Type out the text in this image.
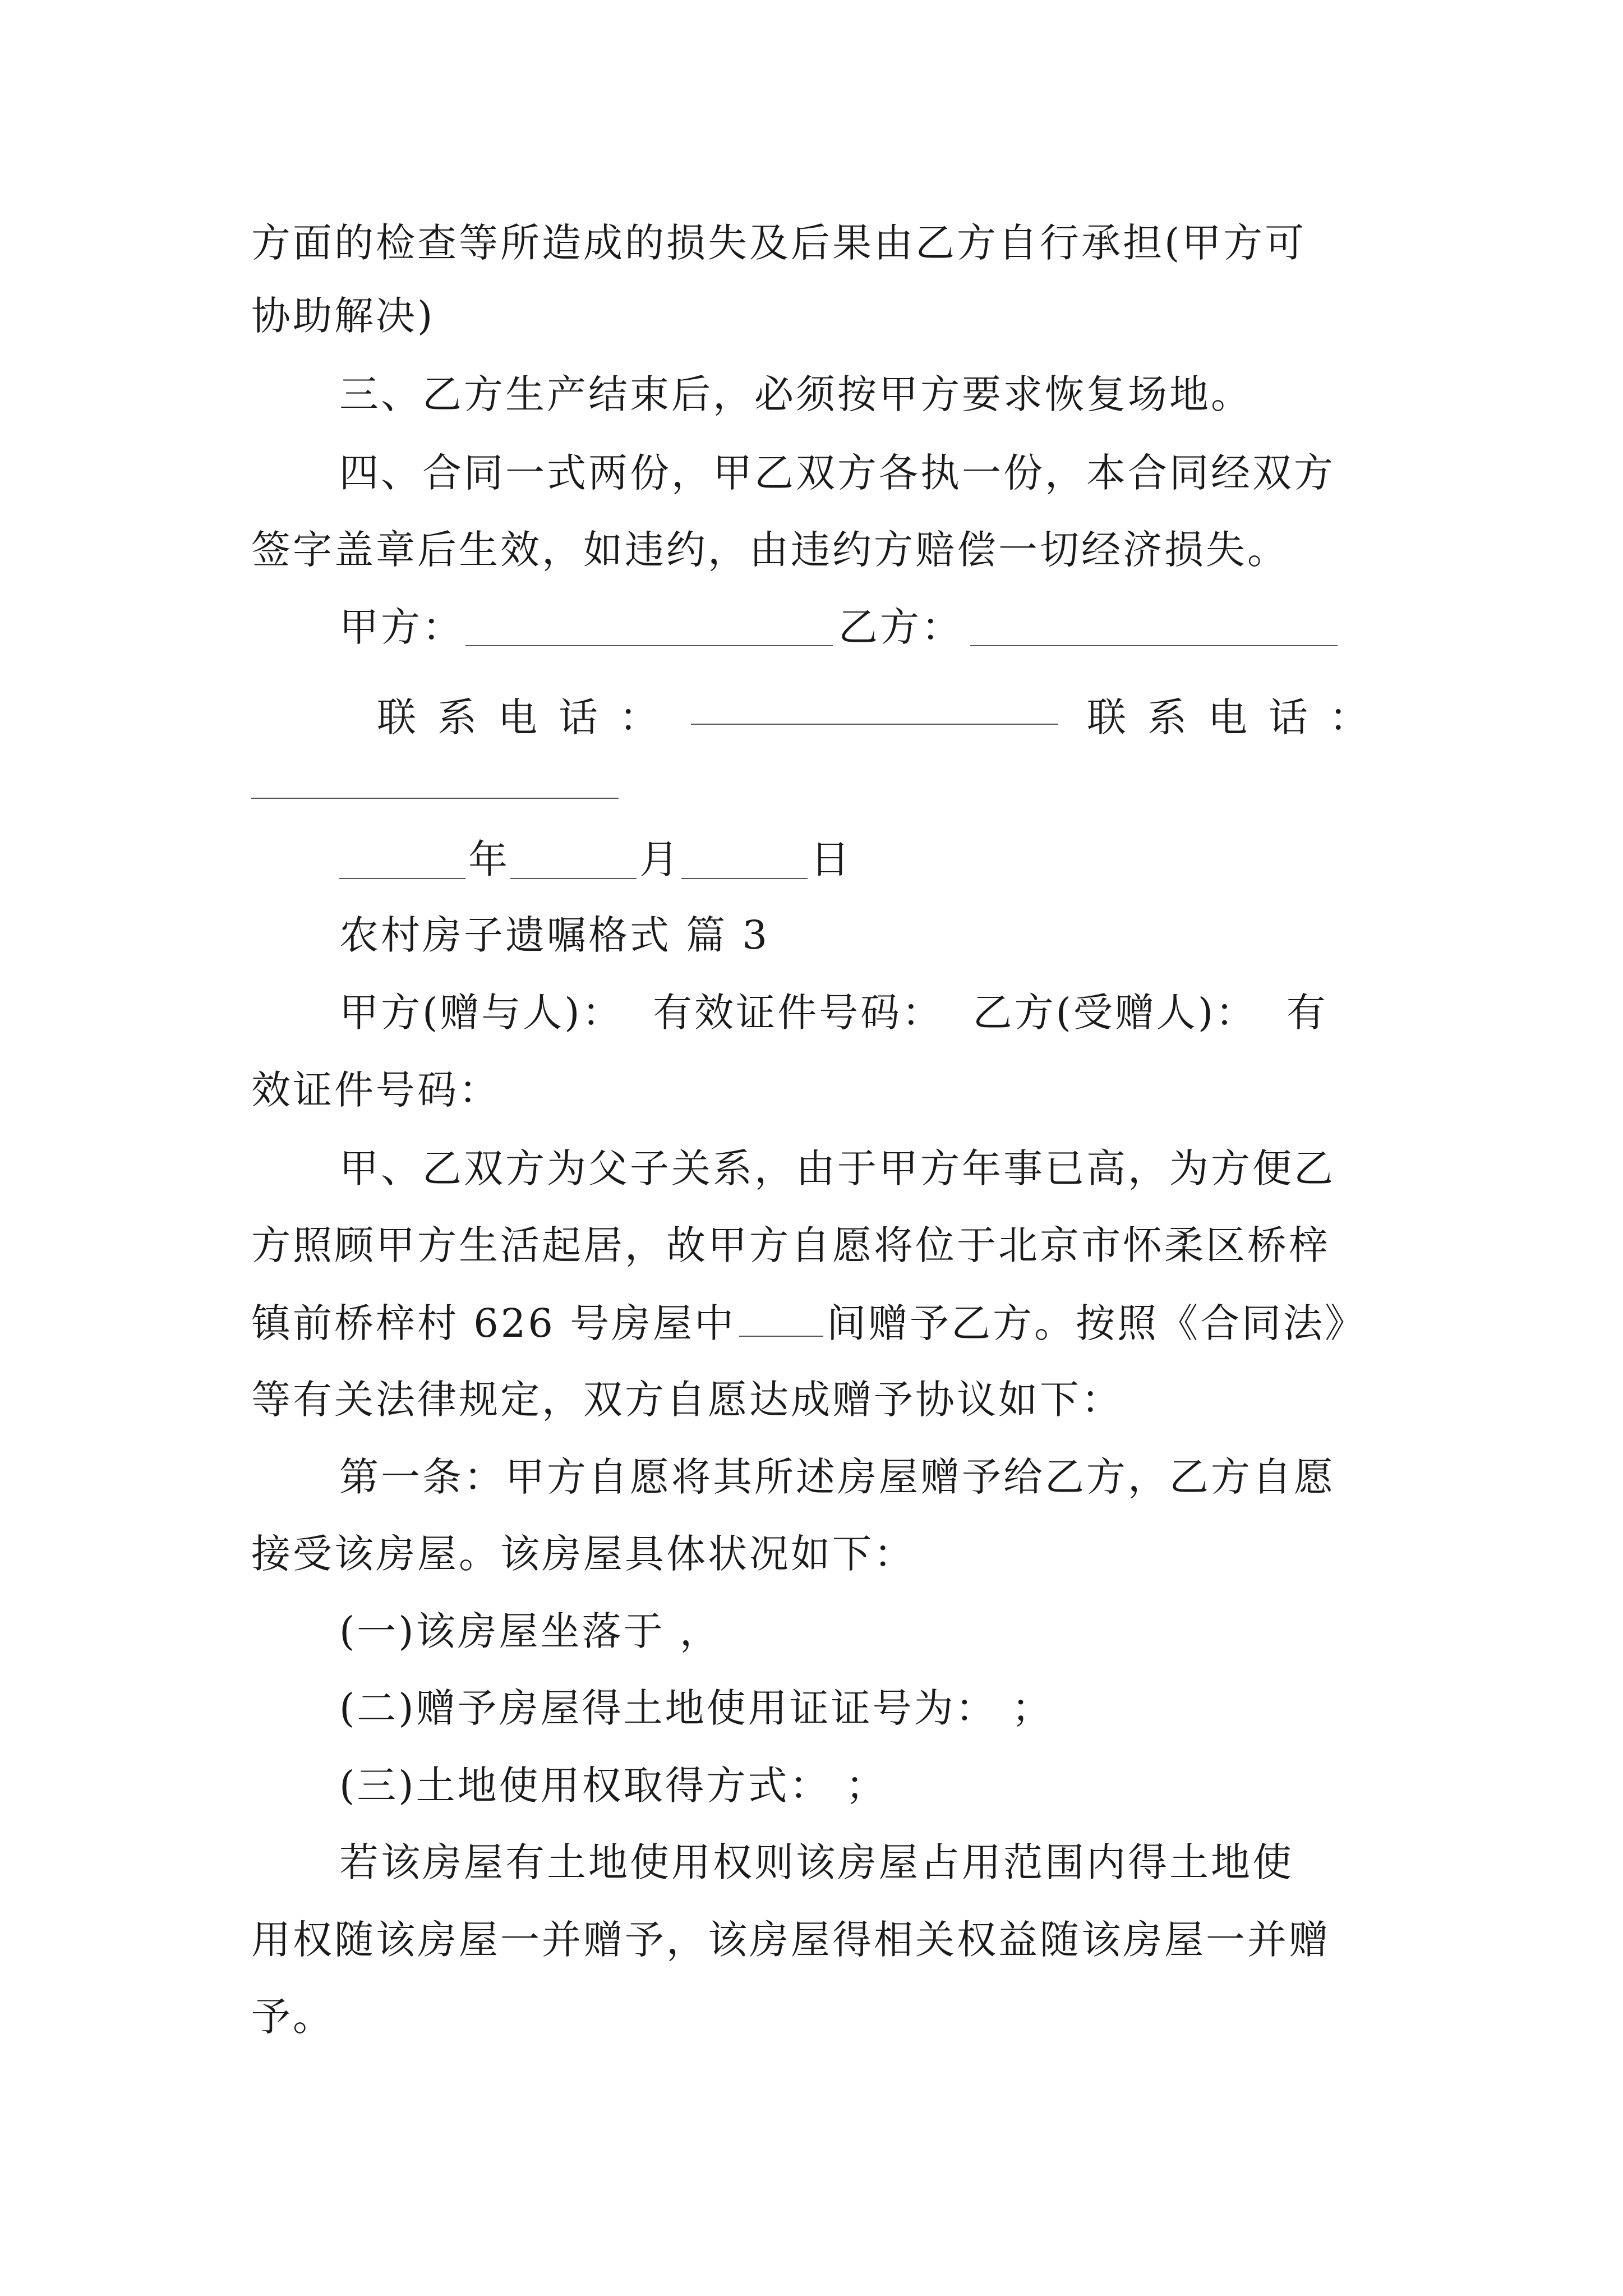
方面的检查等所造成的损失及后果由乙方自行承担(甲方可
协助解决)
三、乙方生产结束后，必须按甲方要求恢复场地。
四、合同一式两份，甲乙双方各执一份，本合同经双方
签字盖章后生效，如违约，由违约方赔偿一切经济损失。
甲方：	乙方：
联 系 电 话 ：	联 系 电 话 ：
年	月	日
农村房子遗嘱格式 篇 3
甲方(赠与人)：  有效证件号码：  乙方(受赠人)：  有
效证件号码：
甲、乙双方为父子关系，由于甲方年事已高，为方便乙
方照顾甲方生活起居，故甲方自愿将位于北京市怀柔区桥梓
镇前桥梓村 626 号房屋中 间赠予乙方。按照《合同法》
等有关法律规定，双方自愿达成赠予协议如下：
第一条：甲方自愿将其所述房屋赠予给乙方，乙方自愿
接受该房屋。该房屋具体状况如下：
(一)该房屋坐落于 ，
(二)赠予房屋得土地使用证证号为： ；
(三)土地使用权取得方式： ；
若该房屋有土地使用权则该房屋占用范围内得土地使
用权随该房屋一并赠予，该房屋得相关权益随该房屋一并赠
予。
